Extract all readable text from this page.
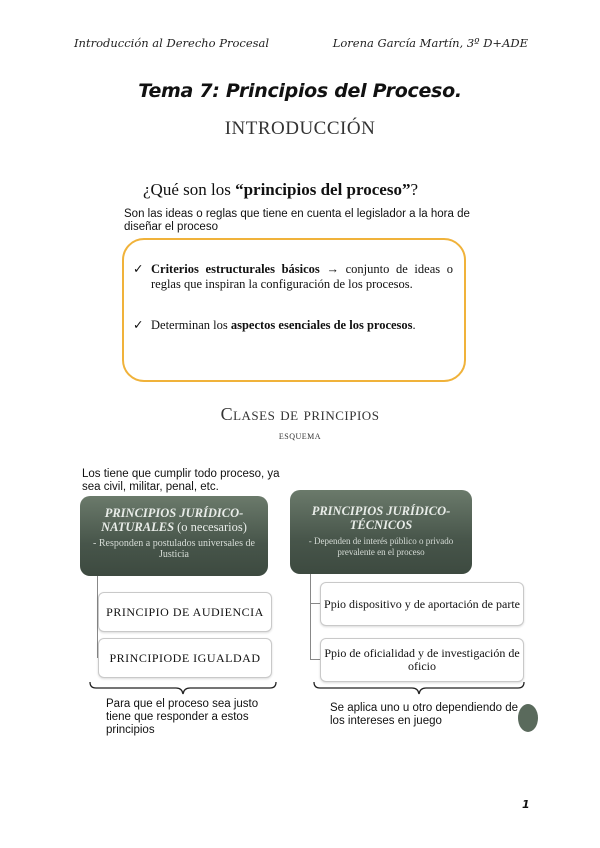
Introducción al Derecho Procesal	Lorena García Martín, 3º D+ADE
Tema 7: Principios del Proceso.
INTRODUCCIÓN
¿Qué son los “principios del proceso”?
Son las ideas o reglas que tiene en cuenta el legislador a la hora de diseñar el proceso
✓ Criterios estructurales básicos → conjunto de ideas o reglas que inspiran la configuración de los procesos.
✓ Determinan los aspectos esenciales de los procesos.
Clases de principios
esquema
Los tiene que cumplir todo proceso, ya sea civil, militar, penal, etc.
PRINCIPIOS JURÍDICO-NATURALES (o necesarios)
- Responden a postulados universales de Justicia
PRINCIPIOS JURÍDICO-TÉCNICOS
- Dependen de interés público o privado prevalente en el proceso
PRINCIPIO DE AUDIENCIA
PRINCIPIODE IGUALDAD
Ppio dispositivo y de aportación de parte
Ppio de oficialidad y de investigación de oficio
Para que el proceso sea justo tiene que responder a estos principios
Se aplica uno u otro dependiendo de los intereses en juego
1
